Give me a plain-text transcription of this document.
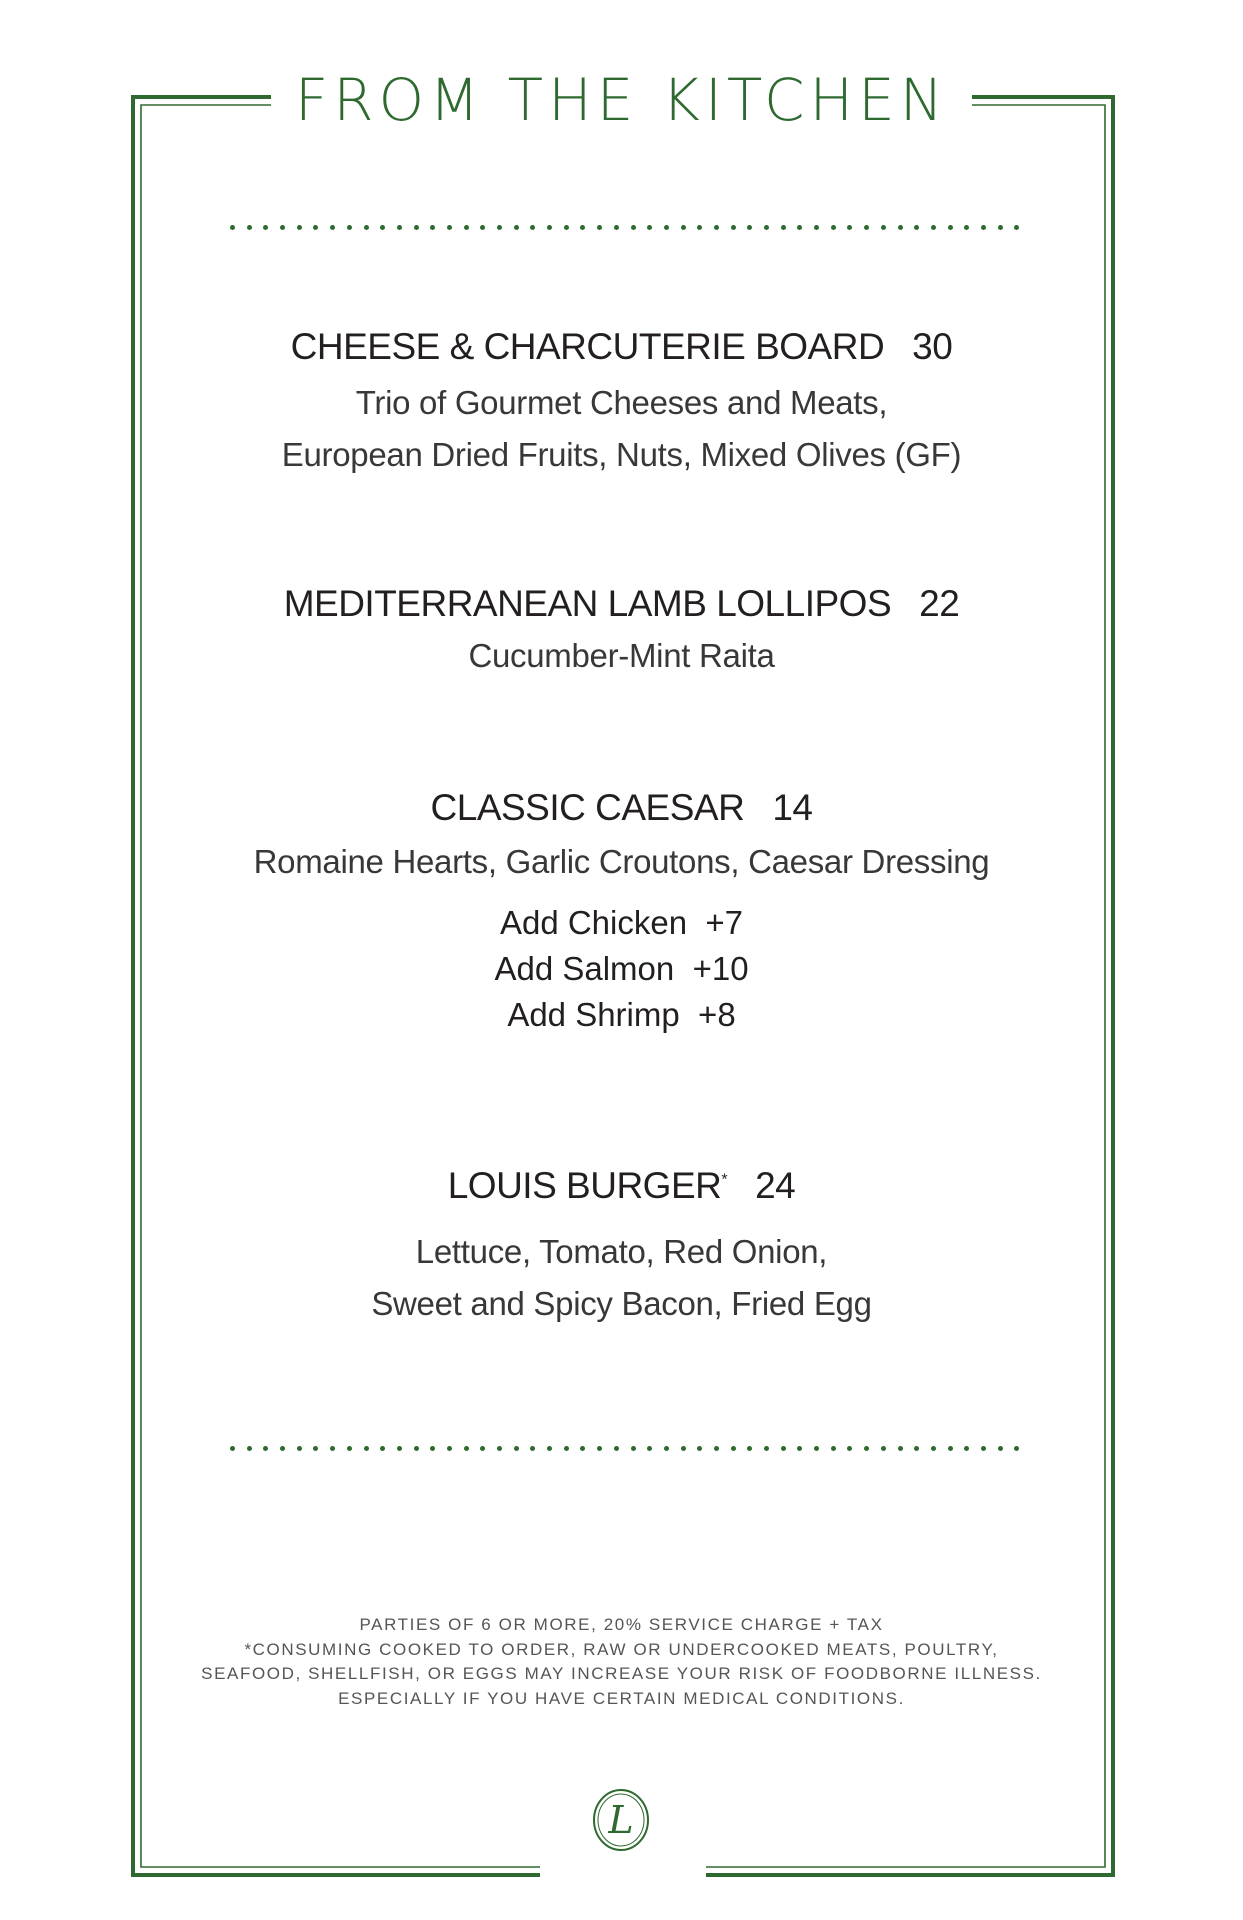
FROM THE KITCHEN
CHEESE & CHARCUTERIE BOARD 30
Trio of Gourmet Cheeses and Meats,
European Dried Fruits, Nuts, Mixed Olives (GF)
MEDITERRANEAN LAMB LOLLIPOS 22
Cucumber-Mint Raita
CLASSIC CAESAR 14
Romaine Hearts, Garlic Croutons, Caesar Dressing
Add Chicken  +7
Add Salmon  +10
Add Shrimp  +8
LOUIS BURGER* 24
Lettuce, Tomato, Red Onion,
Sweet and Spicy Bacon, Fried Egg
PARTIES OF 6 OR MORE, 20% SERVICE CHARGE + TAX
*CONSUMING COOKED TO ORDER, RAW OR UNDERCOOKED MEATS, POULTRY,
SEAFOOD, SHELLFISH, OR EGGS MAY INCREASE YOUR RISK OF FOODBORNE ILLNESS.
ESPECIALLY IF YOU HAVE CERTAIN MEDICAL CONDITIONS.
L
